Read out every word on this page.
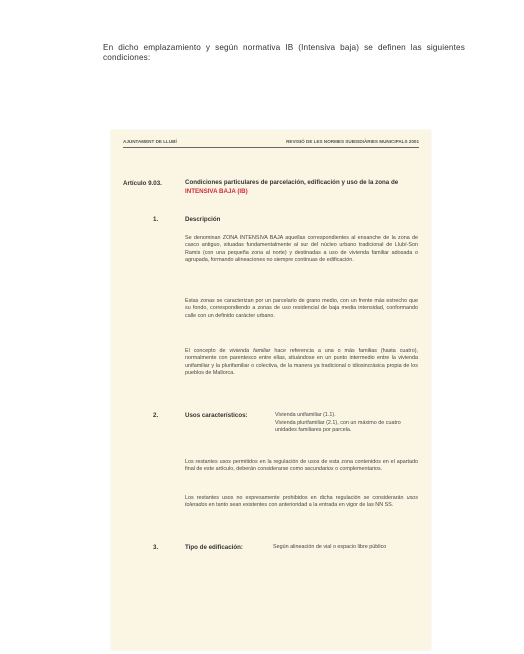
En dicho emplazamiento y según normativa IB (Intensiva baja) se definen las siguientes condiciones:
AJUNTAMENT DE LLUBÍ	REVISIÓ DE LES NORMES SUBSIDIÀRIES MUNICIPALS 2001
Artículo 9.03.	Condiciones particulares de parcelación, edificación y uso de la zona de INTENSIVA BAJA (IB)
1.	Descripción
Se denominan ZONA INTENSIVA BAJA aquellas correspondientes al ensanche de la zona de casco antiguo, situadas fundamentalmente al sur del núcleo urbano tradicional de Llubí-Son Ramis (con una pequeña zona al norte) y destinadas a uso de vivienda familiar adosada o agrupada, formando alineaciones no siempre continuas de edificación.
Estas zonas se caracterizan por un parcelario de grano medio, con un frente más estrecho que su fondo, correspondiendo a zonas de uso residencial de baja media intensidad, conformando calle con un definido carácter urbano.
El concepto de vivienda familiar hace referencia a una o más familias (hasta cuatro), normalmente con parentesco entre ellas, situándose en un punto intermedio entre la vivienda unifamiliar y la plurifamiliar o colectiva, de la manera ya tradicional o idiosincrásica propia de los pueblos de Mallorca.
2.	Usos característicos:	Vivienda unifamiliar (1.1).
Vivienda plurifamiliar (2.1), con un máximo de cuatro unidades familiares por parcela.
Los restantes usos permitidos en la regulación de usos de esta zona contenidos en el apartado final de este artículo, deberán considerarse como secundarios o complementarios.
Los restantes usos no expresamente prohibidos en dicha regulación se considerarán usos tolerados en tanto sean existentes con anterioridad a la entrada en vigor de las NN SS.
3.	Tipo de edificación:	Según alineación de vial o espacio libre público
